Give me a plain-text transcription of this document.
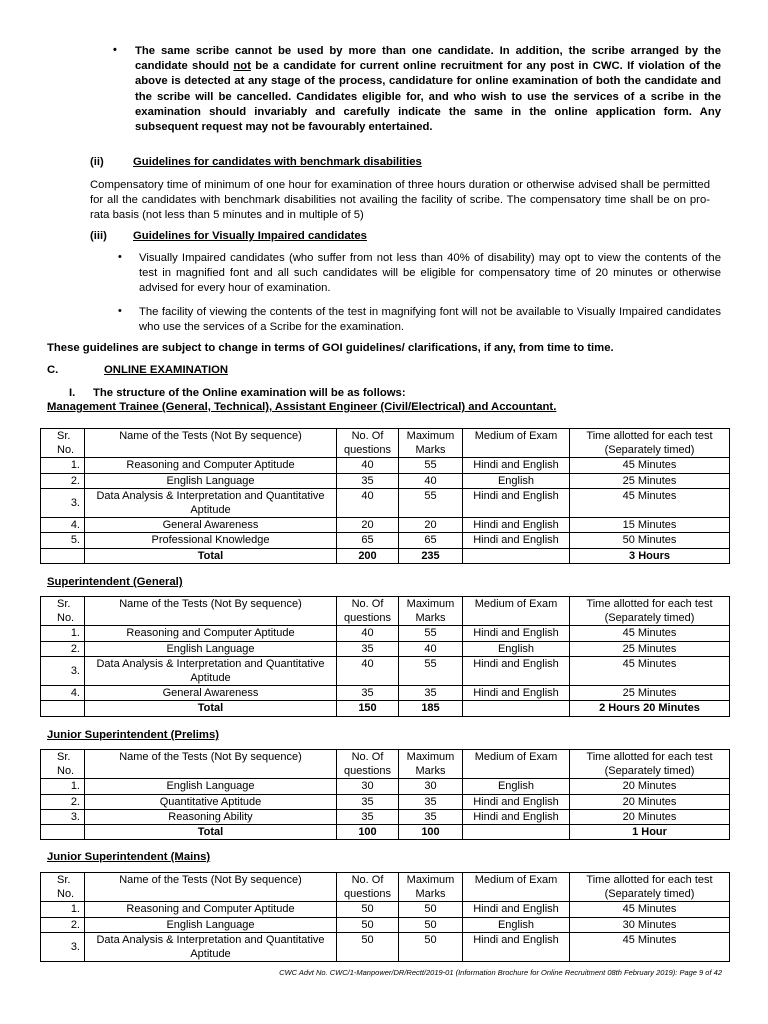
• The same scribe cannot be used by more than one candidate. In addition, the scribe arranged by the candidate should not be a candidate for current online recruitment for any post in CWC. If violation of the above is detected at any stage of the process, candidature for online examination of both the candidate and the scribe will be cancelled. Candidates eligible for, and who wish to use the services of a scribe in the examination should invariably and carefully indicate the same in the online application form. Any subsequent request may not be favourably entertained.
(ii)	Guidelines for candidates with benchmark disabilities
Compensatory time of minimum of one hour for examination of three hours duration or otherwise advised shall be permitted for all the candidates with benchmark disabilities not availing the facility of scribe. The compensatory time shall be on pro-rata basis (not less than 5 minutes and in multiple of 5)
(iii) Guidelines for Visually Impaired candidates
• Visually Impaired candidates (who suffer from not less than 40% of disability) may opt to view the contents of the test in magnified font and all such candidates will be eligible for compensatory time of 20 minutes or otherwise advised for every hour of examination.
• The facility of viewing the contents of the test in magnifying font will not be available to Visually Impaired candidates who use the services of a Scribe for the examination.
These guidelines are subject to change in terms of GOI guidelines/ clarifications, if any, from time to time.
C.	ONLINE EXAMINATION
I. The structure of the Online examination will be as follows:
Management Trainee (General, Technical), Assistant Engineer (Civil/Electrical) and Accountant.
Sr. No.	Name of the Tests (Not By sequence)	No. Of questions	Maximum Marks	Medium of Exam	Time allotted for each test (Separately timed)
1.	Reasoning and Computer Aptitude	40	55	Hindi and English	45 Minutes
2.	English Language	35	40	English	25 Minutes
3.	Data Analysis & Interpretation and Quantitative Aptitude	40	55	Hindi and English	45 Minutes
4.	General Awareness	20	20	Hindi and English	15 Minutes
5.	Professional Knowledge	65	65	Hindi and English	50 Minutes
	Total	200	235		3 Hours
Superintendent (General)
Sr. No.	Name of the Tests (Not By sequence)	No. Of questions	Maximum Marks	Medium of Exam	Time allotted for each test (Separately timed)
1.	Reasoning and Computer Aptitude	40	55	Hindi and English	45 Minutes
2.	English Language	35	40	English	25 Minutes
3.	Data Analysis & Interpretation and Quantitative Aptitude	40	55	Hindi and English	45 Minutes
4.	General Awareness	35	35	Hindi and English	25 Minutes
	Total	150	185		2 Hours 20 Minutes
Junior Superintendent (Prelims)
Sr. No.	Name of the Tests (Not By sequence)	No. Of questions	Maximum Marks	Medium of Exam	Time allotted for each test (Separately timed)
1.	English Language	30	30	English	20 Minutes
2.	Quantitative Aptitude	35	35	Hindi and English	20 Minutes
3.	Reasoning Ability	35	35	Hindi and English	20 Minutes
	Total	100	100		1 Hour
Junior Superintendent (Mains)
Sr. No.	Name of the Tests (Not By sequence)	No. Of questions	Maximum Marks	Medium of Exam	Time allotted for each test (Separately timed)
1.	Reasoning and Computer Aptitude	50	50	Hindi and English	45 Minutes
2.	English Language	50	50	English	30 Minutes
3.	Data Analysis & Interpretation and Quantitative Aptitude	50	50	Hindi and English	45 Minutes
CWC Advt No. CWC/1-Manpower/DR/Rectt/2019-01 (Information Brochure for Online Recruitment 08th February 2019): Page 9 of 42
